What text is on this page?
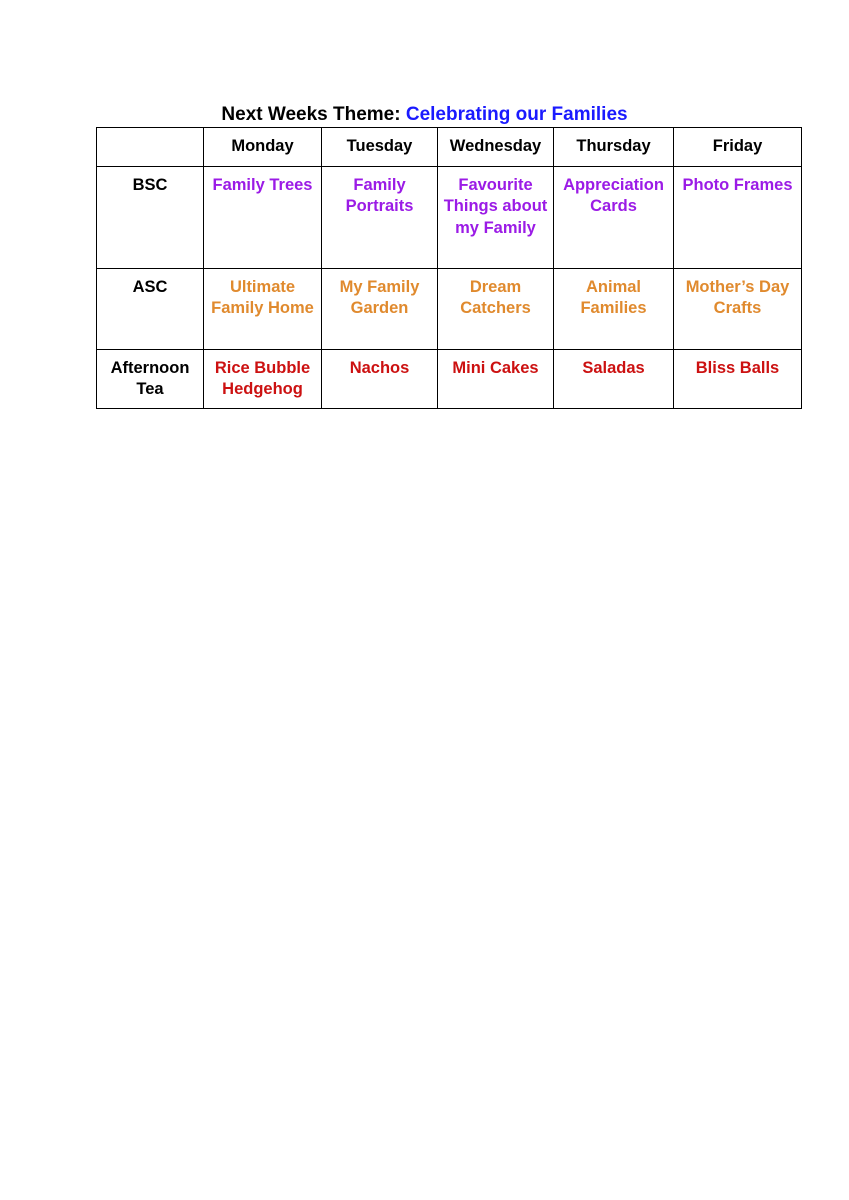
Next Weeks Theme: Celebrating our Families
	Monday	Tuesday	Wednesday	Thursday	Friday
BSC	Family Trees	Family Portraits	Favourite Things about my Family	Appreciation Cards	Photo Frames
ASC	Ultimate Family Home	My Family Garden	Dream Catchers	Animal Families	Mother’s Day Crafts
Afternoon Tea	Rice Bubble Hedgehog	Nachos	Mini Cakes	Saladas	Bliss Balls
